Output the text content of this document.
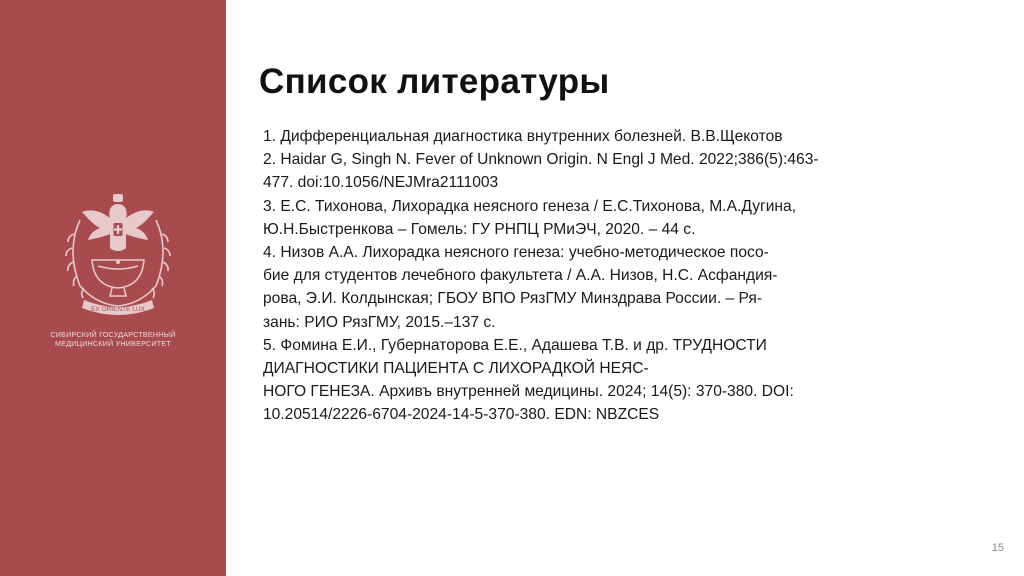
EX ORIENTE LUX
1930
СИБИРСКИЙ ГОСУДАРСТВЕННЫЙ
МЕДИЦИНСКИЙ УНИВЕРСИТЕТ
Список литературы
1. Дифференциальная диагностика внутренних болезней. В.В.Щекотов
2. Haidar G, Singh N. Fever of Unknown Origin. N Engl J Med. 2022;386(5):463-
477. doi:10.1056/NEJMra2111003
3. Е.С. Тихонова, Лихорадка неясного генеза / Е.С.Тихонова, М.А.Дугина,
Ю.Н.Быстренкова – Гомель: ГУ РНПЦ РМиЭЧ, 2020. – 44 с.
4. Низов А.А. Лихорадка неясного генеза: учебно-методическое посо-
бие для студентов лечебного факультета / А.А. Низов, Н.С. Асфандия-
рова, Э.И. Колдынская; ГБОУ ВПО РязГМУ Минздрава России. – Ря-
зань: РИО РязГМУ, 2015.–137 с.
5. Фомина Е.И., Губернаторова Е.Е., Адашева Т.В. и др. ТРУДНОСТИ
ДИАГНОСТИКИ ПАЦИЕНТА С ЛИХОРАДКОЙ НЕЯС-
НОГО ГЕНЕЗА. Архивъ внутренней медицины. 2024; 14(5): 370-380. DOI:
10.20514/2226-6704-2024-14-5-370-380. EDN: NBZCES
15
